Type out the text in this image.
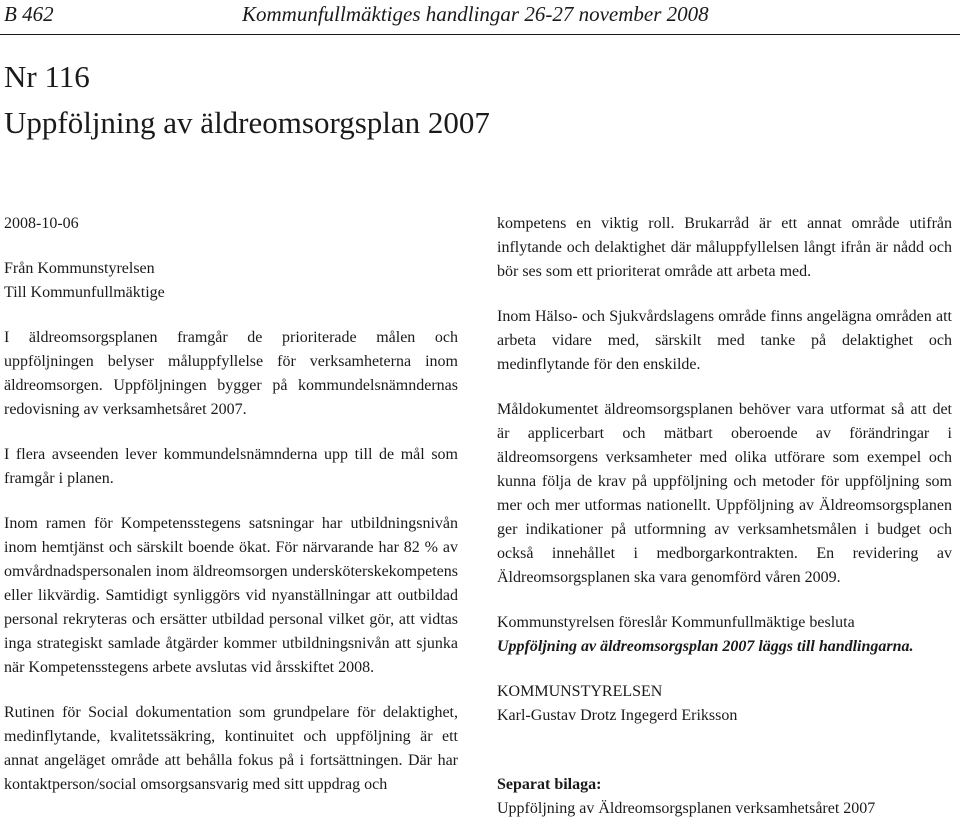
B 462	Kommunfullmäktiges handlingar 26-27 november 2008
Nr 116
Uppföljning av äldreomsorgsplan 2007

2008-10-06

Från Kommunstyrelsen

Till Kommunfullmäktige

I äldreomsorgsplanen framgår de prioriterade målen och uppföljningen belyser måluppfyllelse för verksamheterna inom äldreomsorgen. Uppföljningen bygger på kommundelsnämndernas redovisning av verksamhetsåret 2007.

I flera avseenden lever kommundelsnämnderna upp till de mål som framgår i planen.

Inom ramen för Kompetensstegens satsningar har utbildningsnivån inom hemtjänst och särskilt boende ökat. För närvarande har 82 % av omvårdnadspersonalen inom äldreomsorgen undersköterskekompetens eller likvärdig. Samtidigt synliggörs vid nyanställningar att outbildad personal rekryteras och ersätter utbildad personal vilket gör, att vidtas inga strategiskt samlade åtgärder kommer utbildningsnivån att sjunka när Kompetensstegens arbete avslutas vid årsskiftet 2008.

Rutinen för Social dokumentation som grundpelare för delaktighet, medinflytande, kvalitetssäkring, kontinuitet och uppföljning är ett annat angeläget område att behålla fokus på i fortsättningen. Där har kontaktperson/social omsorgsansvarig med sitt uppdrag och

kompetens en viktig roll. Brukarråd är ett annat område utifrån inflytande och delaktighet där måluppfyllelsen långt ifrån är nådd och bör ses som ett prioriterat område att arbeta med.

Inom Hälso- och Sjukvårdslagens område finns angelägna områden att arbeta vidare med, särskilt med tanke på delaktighet och medinflytande för den enskilde.

Måldokumentet äldreomsorgsplanen behöver vara utformat så att det är applicerbart och mätbart oberoende av förändringar i äldreomsorgens verksamheter med olika utförare som exempel och kunna följa de krav på uppföljning och metoder för uppföljning som mer och mer utformas nationellt. Uppföljning av Äldreomsorgsplanen ger indikationer på utformning av verksamhetsmålen i budget och också innehållet i medborgarkontrakten. En revidering av Äldreomsorgsplanen ska vara genomförd våren 2009.

Kommunstyrelsen föreslår Kommunfullmäktige besluta

Uppföljning av äldreomsorgsplan 2007 läggs till handlingarna.

KOMMUNSTYRELSEN

Karl-Gustav Drotz Ingegerd Eriksson

Separat bilaga:

Uppföljning av Äldreomsorgsplanen verksamhetsåret 2007
